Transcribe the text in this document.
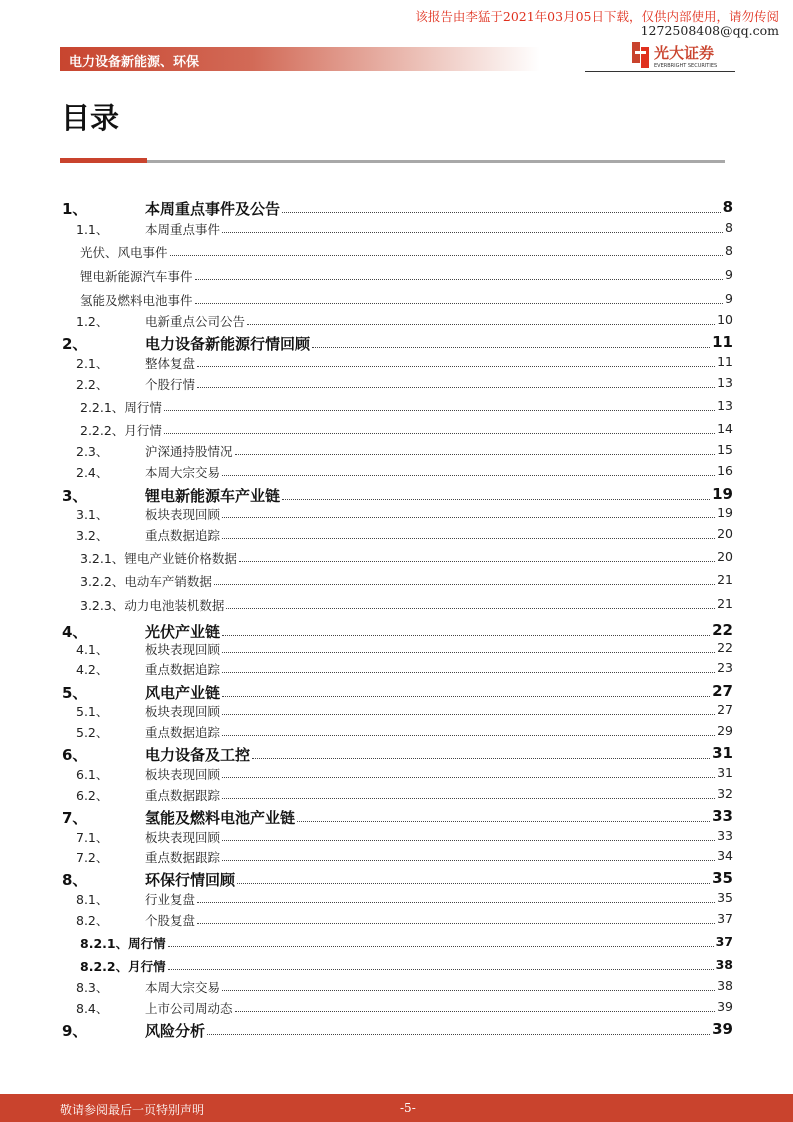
该报告由李猛于2021年03月05日下载，仅供内部使用，请勿传阅
1272508408@qq.com
电力设备新能源、环保
光大证券
EVERBRIGHT SECURITIES
目录
1、	本周重点事件及公告	8
1.1、	本周重点事件	8
光伏、风电事件	8
锂电新能源汽车事件	9
氢能及燃料电池事件	9
1.2、	电新重点公司公告	10
2、	电力设备新能源行情回顾	11
2.1、	整体复盘	11
2.2、	个股行情	13
2.2.1、 周行情	13
2.2.2、 月行情	14
2.3、	沪深通持股情况	15
2.4、	本周大宗交易	16
3、	锂电新能源车产业链	19
3.1、	板块表现回顾	19
3.2、	重点数据追踪	20
3.2.1、 锂电产业链价格数据	20
3.2.2、 电动车产销数据	21
3.2.3、 动力电池装机数据	21
4、	光伏产业链	22
4.1、	板块表现回顾	22
4.2、	重点数据追踪	23
5、	风电产业链	27
5.1、	板块表现回顾	27
5.2、	重点数据追踪	29
6、	电力设备及工控	31
6.1、	板块表现回顾	31
6.2、	重点数据跟踪	32
7、	氢能及燃料电池产业链	33
7.1、	板块表现回顾	33
7.2、	重点数据跟踪	34
8、	环保行情回顾	35
8.1、	行业复盘	35
8.2、	个股复盘	37
8.2.1、 周行情	37
8.2.2、 月行情	38
8.3、	本周大宗交易	38
8.4、	上市公司周动态	39
9、	风险分析	39
敬请参阅最后一页特别声明	-5-
